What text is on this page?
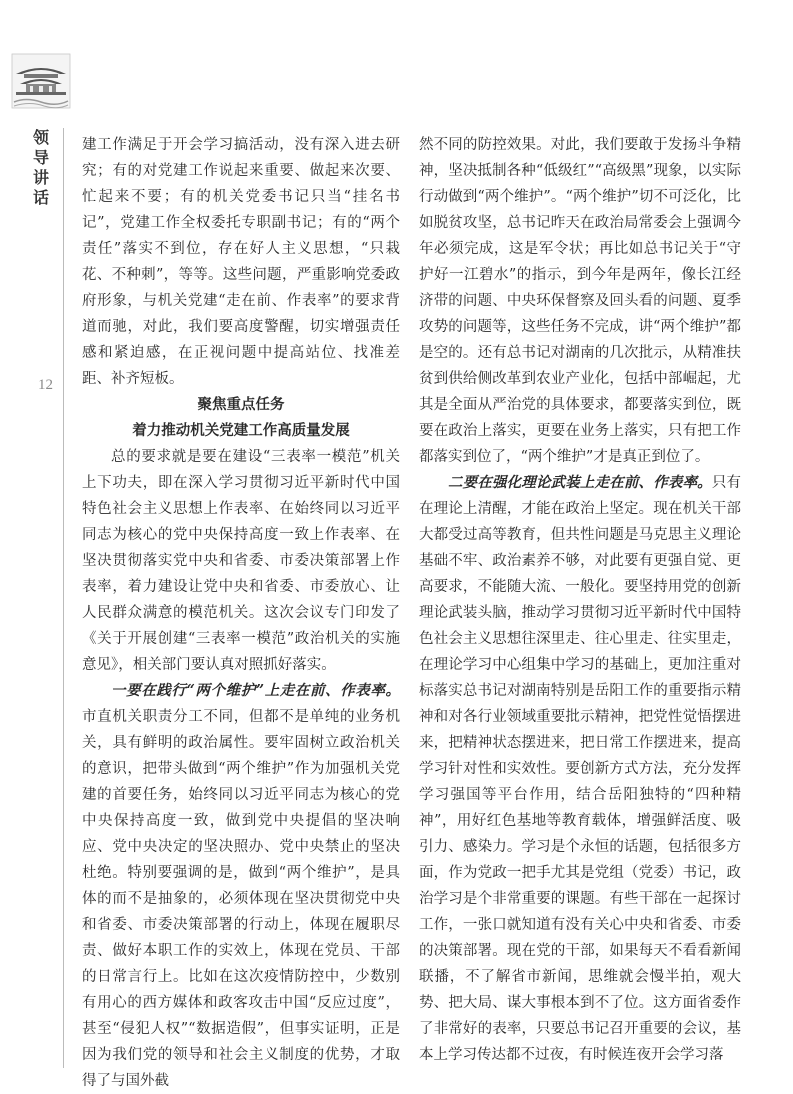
领导讲话
12

建工作满足于开会学习搞活动，没有深入进去研究；有的对党建工作说起来重要、做起来次要、忙起来不要；有的机关党委书记只当“挂名书记”，党建工作全权委托专职副书记；有的“两个责任”落实不到位，存在好人主义思想，“只栽花、不种刺”，等等。这些问题，严重影响党委政府形象，与机关党建“走在前、作表率”的要求背道而驰，对此，我们要高度警醒，切实增强责任感和紧迫感，在正视问题中提高站位、找准差距、补齐短板。

聚焦重点任务

着力推动机关党建工作高质量发展

总的要求就是要在建设“三表率一模范”机关上下功夫，即在深入学习贯彻习近平新时代中国特色社会主义思想上作表率、在始终同以习近平同志为核心的党中央保持高度一致上作表率、在坚决贯彻落实党中央和省委、市委决策部署上作表率，着力建设让党中央和省委、市委放心、让人民群众满意的模范机关。这次会议专门印发了《关于开展创建“三表率一模范”政治机关的实施意见》，相关部门要认真对照抓好落实。

一要在践行“两个维护”上走在前、作表率。市直机关职责分工不同，但都不是单纯的业务机关，具有鲜明的政治属性。要牢固树立政治机关的意识，把带头做到“两个维护”作为加强机关党建的首要任务，始终同以习近平同志为核心的党中央保持高度一致，做到党中央提倡的坚决响应、党中央决定的坚决照办、党中央禁止的坚决杜绝。特别要强调的是，做到“两个维护”，是具体的而不是抽象的，必须体现在坚决贯彻党中央和省委、市委决策部署的行动上，体现在履职尽责、做好本职工作的实效上，体现在党员、干部的日常言行上。比如在这次疫情防控中，少数别有用心的西方媒体和政客攻击中国“反应过度”，甚至“侵犯人权”“数据造假”，但事实证明，正是因为我们党的领导和社会主义制度的优势，才取得了与国外截

然不同的防控效果。对此，我们要敢于发扬斗争精神，坚决抵制各种“低级红”“高级黑”现象，以实际行动做到“两个维护”。“两个维护”切不可泛化，比如脱贫攻坚，总书记昨天在政治局常委会上强调今年必须完成，这是军令状；再比如总书记关于“守护好一江碧水”的指示，到今年是两年，像长江经济带的问题、中央环保督察及回头看的问题、夏季攻势的问题等，这些任务不完成，讲“两个维护”都是空的。还有总书记对湖南的几次批示，从精准扶贫到供给侧改革到农业产业化，包括中部崛起，尤其是全面从严治党的具体要求，都要落实到位，既要在政治上落实，更要在业务上落实，只有把工作都落实到位了，“两个维护”才是真正到位了。

二要在强化理论武装上走在前、作表率。只有在理论上清醒，才能在政治上坚定。现在机关干部大都受过高等教育，但共性问题是马克思主义理论基础不牢、政治素养不够，对此要有更强自觉、更高要求，不能随大流、一般化。要坚持用党的创新理论武装头脑，推动学习贯彻习近平新时代中国特色社会主义思想往深里走、往心里走、往实里走，在理论学习中心组集中学习的基础上，更加注重对标落实总书记对湖南特别是岳阳工作的重要指示精神和对各行业领域重要批示精神，把党性觉悟摆进来，把精神状态摆进来，把日常工作摆进来，提高学习针对性和实效性。要创新方式方法，充分发挥学习强国等平台作用，结合岳阳独特的“四种精神”，用好红色基地等教育载体，增强鲜活度、吸引力、感染力。学习是个永恒的话题，包括很多方面，作为党政一把手尤其是党组（党委）书记，政治学习是个非常重要的课题。有些干部在一起探讨工作，一张口就知道有没有关心中央和省委、市委的决策部署。现在党的干部，如果每天不看看新闻联播，不了解省市新闻，思维就会慢半拍，观大势、把大局、谋大事根本到不了位。这方面省委作了非常好的表率，只要总书记召开重要的会议，基本上学习传达都不过夜，有时候连夜开会学习落
